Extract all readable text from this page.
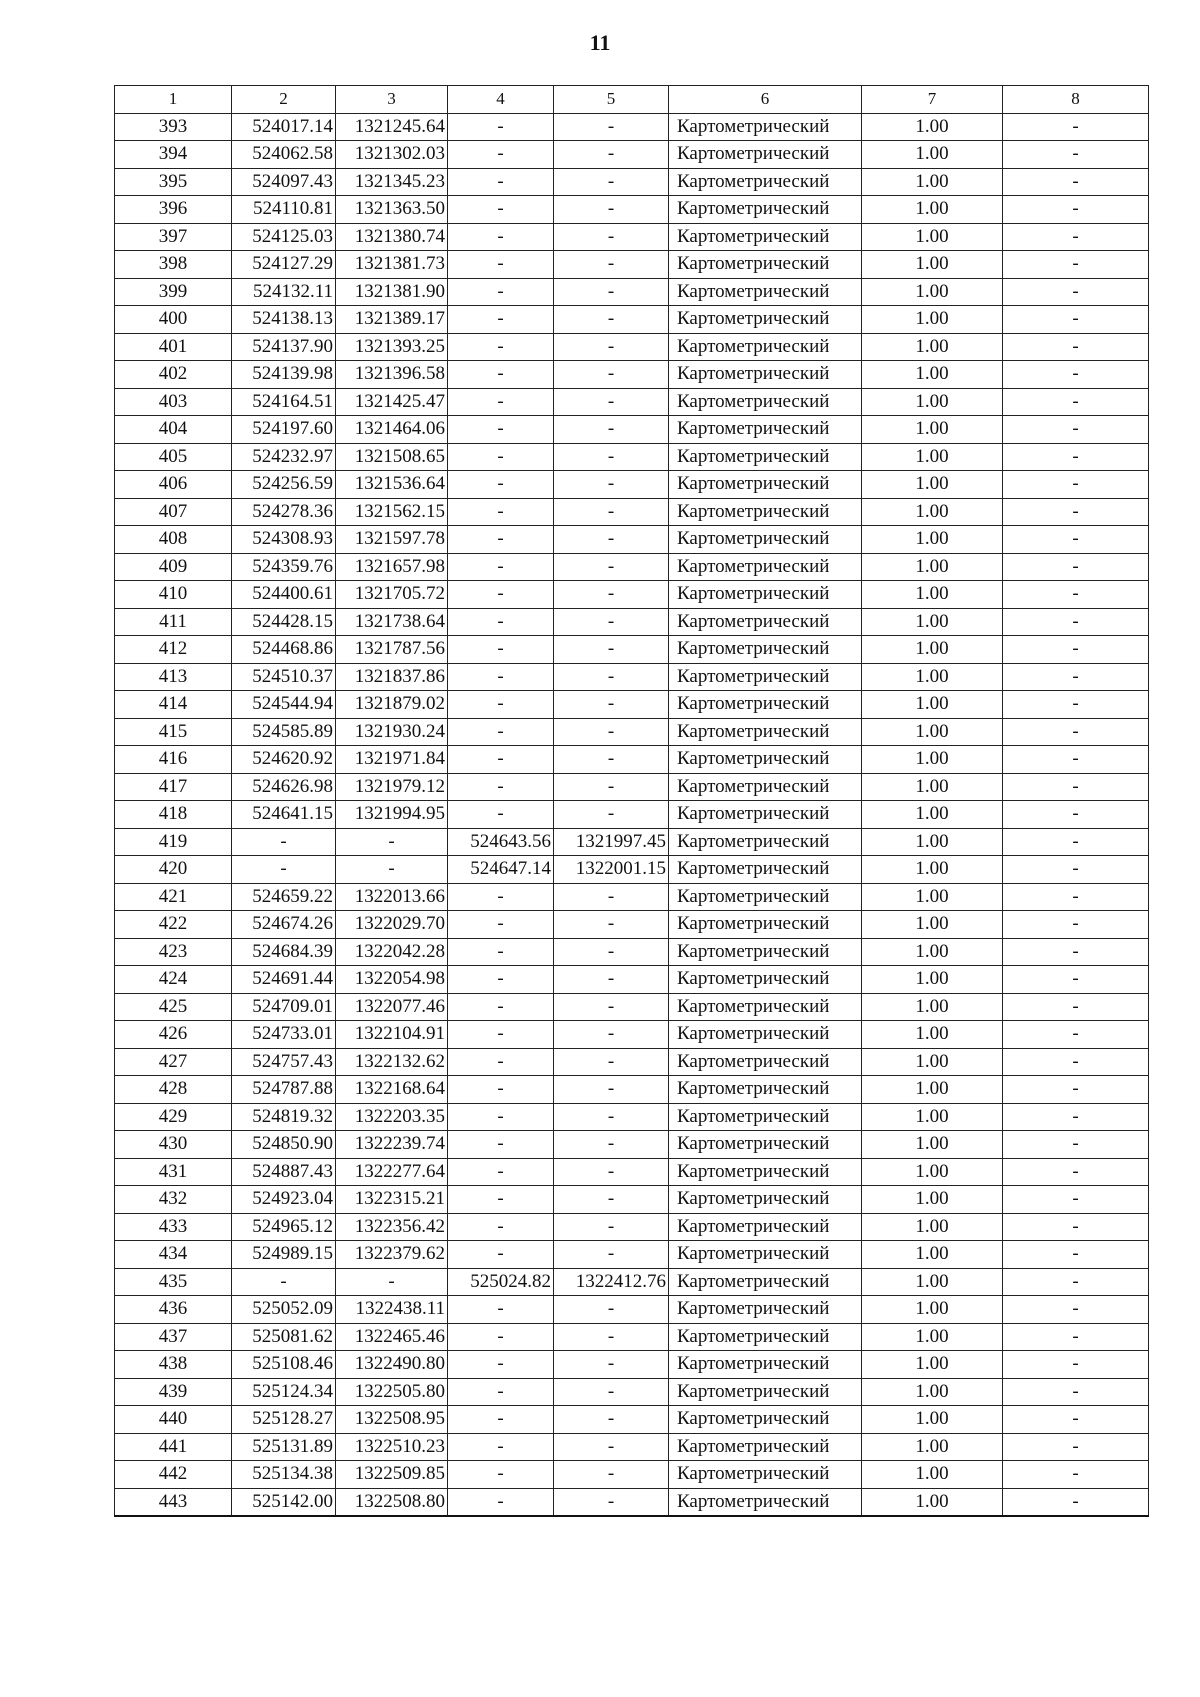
11
1	2	3	4	5	6	7	8
393	524017.14	1321245.64	-	-	Картометрический	1.00	-
394	524062.58	1321302.03	-	-	Картометрический	1.00	-
395	524097.43	1321345.23	-	-	Картометрический	1.00	-
396	524110.81	1321363.50	-	-	Картометрический	1.00	-
397	524125.03	1321380.74	-	-	Картометрический	1.00	-
398	524127.29	1321381.73	-	-	Картометрический	1.00	-
399	524132.11	1321381.90	-	-	Картометрический	1.00	-
400	524138.13	1321389.17	-	-	Картометрический	1.00	-
401	524137.90	1321393.25	-	-	Картометрический	1.00	-
402	524139.98	1321396.58	-	-	Картометрический	1.00	-
403	524164.51	1321425.47	-	-	Картометрический	1.00	-
404	524197.60	1321464.06	-	-	Картометрический	1.00	-
405	524232.97	1321508.65	-	-	Картометрический	1.00	-
406	524256.59	1321536.64	-	-	Картометрический	1.00	-
407	524278.36	1321562.15	-	-	Картометрический	1.00	-
408	524308.93	1321597.78	-	-	Картометрический	1.00	-
409	524359.76	1321657.98	-	-	Картометрический	1.00	-
410	524400.61	1321705.72	-	-	Картометрический	1.00	-
411	524428.15	1321738.64	-	-	Картометрический	1.00	-
412	524468.86	1321787.56	-	-	Картометрический	1.00	-
413	524510.37	1321837.86	-	-	Картометрический	1.00	-
414	524544.94	1321879.02	-	-	Картометрический	1.00	-
415	524585.89	1321930.24	-	-	Картометрический	1.00	-
416	524620.92	1321971.84	-	-	Картометрический	1.00	-
417	524626.98	1321979.12	-	-	Картометрический	1.00	-
418	524641.15	1321994.95	-	-	Картометрический	1.00	-
419	-	-	524643.56	1321997.45	Картометрический	1.00	-
420	-	-	524647.14	1322001.15	Картометрический	1.00	-
421	524659.22	1322013.66	-	-	Картометрический	1.00	-
422	524674.26	1322029.70	-	-	Картометрический	1.00	-
423	524684.39	1322042.28	-	-	Картометрический	1.00	-
424	524691.44	1322054.98	-	-	Картометрический	1.00	-
425	524709.01	1322077.46	-	-	Картометрический	1.00	-
426	524733.01	1322104.91	-	-	Картометрический	1.00	-
427	524757.43	1322132.62	-	-	Картометрический	1.00	-
428	524787.88	1322168.64	-	-	Картометрический	1.00	-
429	524819.32	1322203.35	-	-	Картометрический	1.00	-
430	524850.90	1322239.74	-	-	Картометрический	1.00	-
431	524887.43	1322277.64	-	-	Картометрический	1.00	-
432	524923.04	1322315.21	-	-	Картометрический	1.00	-
433	524965.12	1322356.42	-	-	Картометрический	1.00	-
434	524989.15	1322379.62	-	-	Картометрический	1.00	-
435	-	-	525024.82	1322412.76	Картометрический	1.00	-
436	525052.09	1322438.11	-	-	Картометрический	1.00	-
437	525081.62	1322465.46	-	-	Картометрический	1.00	-
438	525108.46	1322490.80	-	-	Картометрический	1.00	-
439	525124.34	1322505.80	-	-	Картометрический	1.00	-
440	525128.27	1322508.95	-	-	Картометрический	1.00	-
441	525131.89	1322510.23	-	-	Картометрический	1.00	-
442	525134.38	1322509.85	-	-	Картометрический	1.00	-
443	525142.00	1322508.80	-	-	Картометрический	1.00	-
